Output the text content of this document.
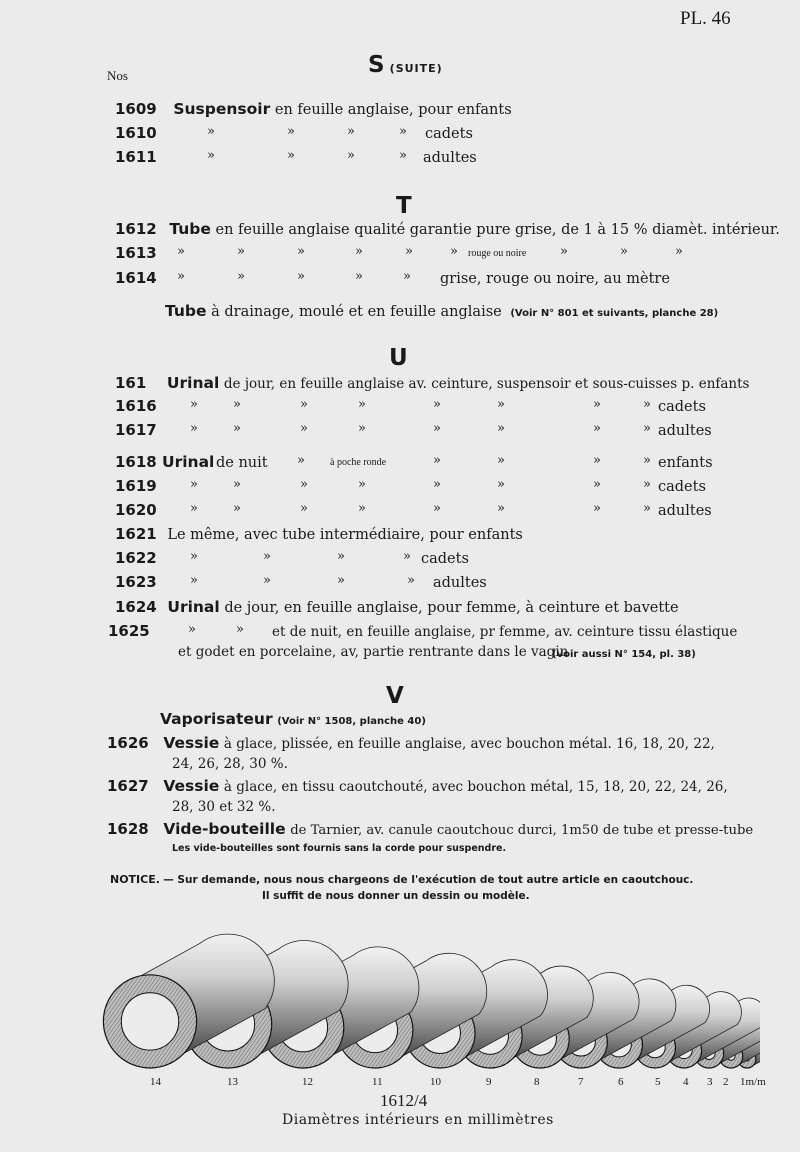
PL. 46
Nos	S (SUITE)
1609 Suspensoir en feuille anglaise, pour enfants
1610	»	»	»	» cadets
1611	»	»	»	» adultes
T
1612 Tube en feuille anglaise qualité garantie pure grise, de 1 à 15 % diamèt. intérieur.
1613 »	»	»	»	»	» rouge ou noire	»	»	»
1614 »	»	»	»	» grise, rouge ou noire, au mètre
Tube à drainage, moulé et en feuille anglaise (Voir N° 801 et suivants, planche 28)
U
161 Urinal de jour, en feuille anglaise av. ceinture, suspensoir et sous-cuisses p. enfants
1616	»	»	»	»	»	»	»	» cadets
1617	»	»	»	»	»	»	»	» adultes
1618 Urinal de nuit »	à poche ronde	»	»	»	» enfants
1619	»	»	»	»	»	»	»	» cadets
1620	»	»	»	»	»	»	»	» adultes
1621 Le même, avec tube intermédiaire, pour enfants
1622	»	»	»	» cadets
1623	»	»	»	» adultes
1624 Urinal de jour, en feuille anglaise, pour femme, à ceinture et bavette
1625	»	» et de nuit, en feuille anglaise, pr femme, av. ceinture tissu élastique
et godet en porcelaine, av, partie rentrante dans le vagin
(voir aussi N° 154, pl. 38)
V
Vaporisateur (Voir N° 1508, planche 40)
1626 Vessie à glace, plissée, en feuille anglaise, avec bouchon métal. 16, 18, 20, 22,
24, 26, 28, 30 %.
1627 Vessie à glace, en tissu caoutchouté, avec bouchon métal, 15, 18, 20, 22, 24, 26,
28, 30 et 32 %.
1628 Vide-bouteille de Tarnier, av. canule caoutchouc durci, 1m50 de tube et presse-tube
Les vide-bouteilles sont fournis sans la corde pour suspendre.
NOTICE. — Sur demande, nous nous chargeons de l'exécution de tout autre article en caoutchouc.
Il suffit de nous donner un dessin ou modèle.
14	13	12	11	10	9	8	7	6	5 4 3 2 1m/m
1612/4
Diamètres intérieurs en millimètres
